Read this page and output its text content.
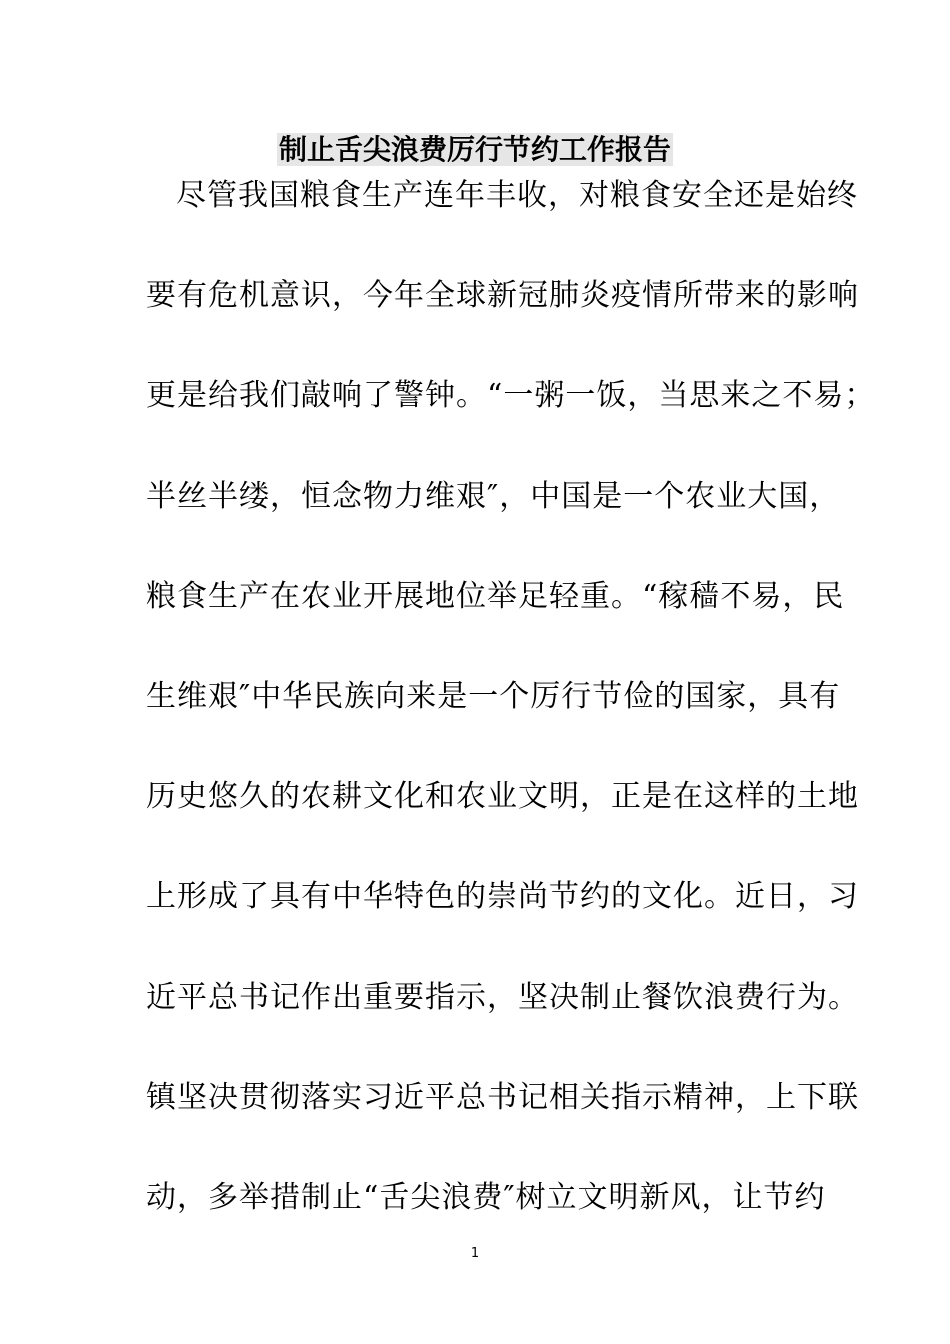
制止舌尖浪费厉行节约工作报告
尽管我国粮食生产连年丰收，对粮食安全还是始终
要有危机意识，今年全球新冠肺炎疫情所带来的影响
更是给我们敲响了警钟。“一粥一饭，当思来之不易；
半丝半缕，恒念物力维艰″，中国是一个农业大国，
粮食生产在农业开展地位举足轻重。“稼穑不易，民
生维艰″中华民族向来是一个厉行节俭的国家，具有
历史悠久的农耕文化和农业文明，正是在这样的土地
上形成了具有中华特色的崇尚节约的文化。近日，习
近平总书记作出重要指示，坚决制止餐饮浪费行为。
镇坚决贯彻落实习近平总书记相关指示精神，上下联
动，多举措制止“舌尖浪费″树立文明新风，让节约
1
